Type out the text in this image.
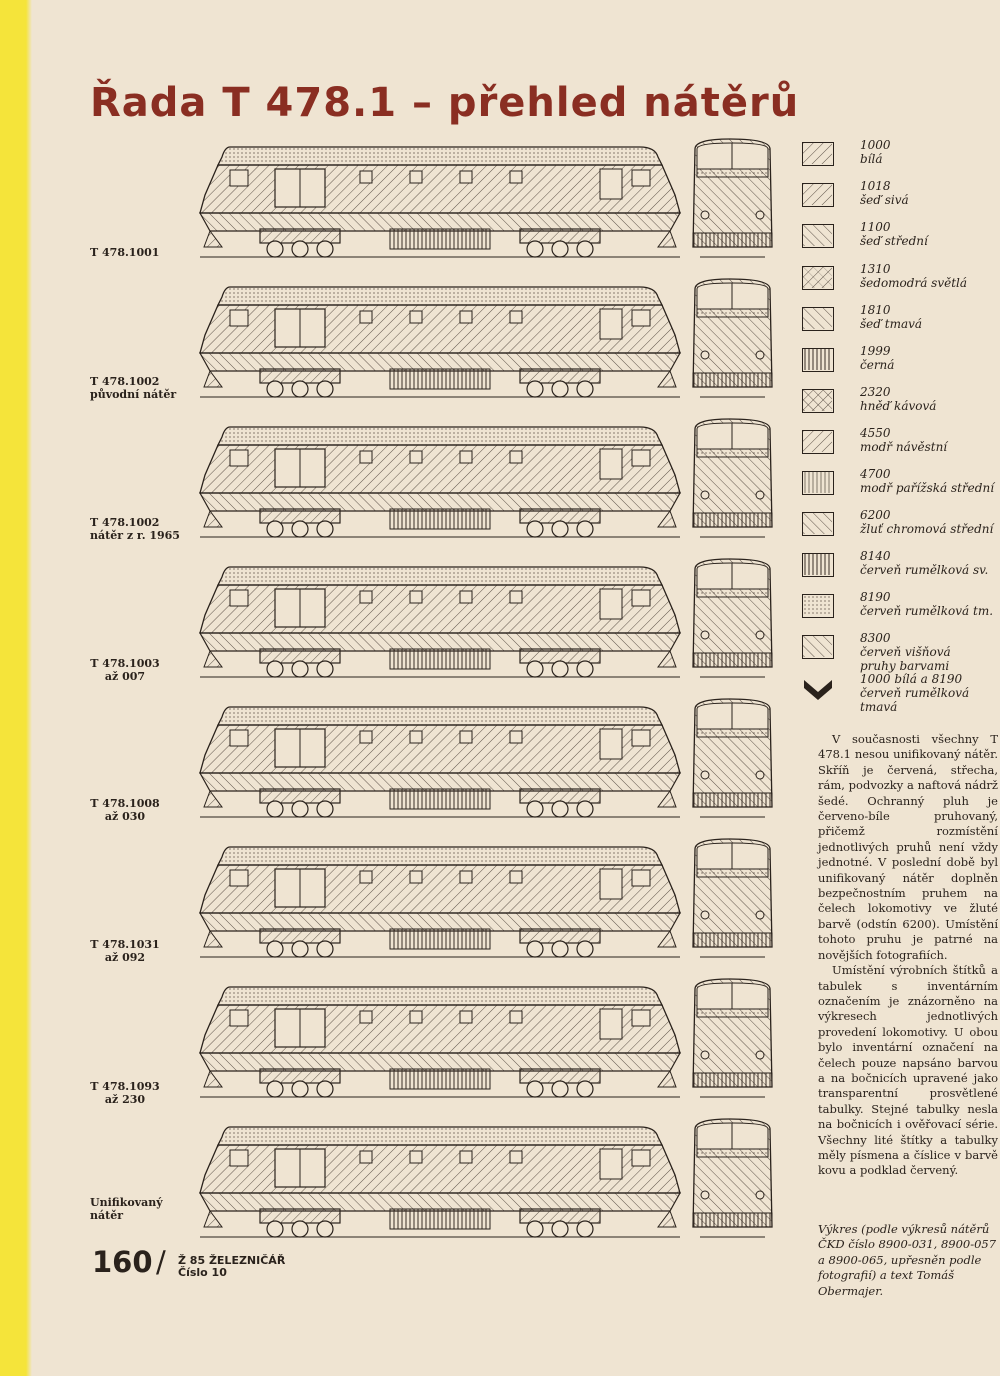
Řada T 478.1 – přehled nátěrů
T 478.1001
T 478.1002
původní nátěr
T 478.1002
nátěr z r. 1965
T 478.1003
až 007
T 478.1008
až 030
T 478.1031
až 092
T 478.1093
až 230
Unifikovaný
nátěr
1000
bílá
1018
šeď sivá
1100
šeď střední
1310
šedomodrá světlá
1810
šeď tmavá
1999
černá
2320
hněď kávová
4550
modř návěstní
4700
modř pařížská střední
6200
žluť chromová střední
8140
červeň rumělková sv.
8190
červeň rumělková tm.
8300
červeň višňová
pruhy barvami
1000 bílá a 8190
červeň rumělková
tmavá

V současnosti všechny T 478.1 nesou unifikovaný nátěr. Skříň je červená, střecha, rám, podvozky a naftová nádrž šedé. Ochranný pluh je červeno-bíle pruhovaný, přičemž rozmístění jednotlivých pruhů není vždy jednotné. V poslední době byl unifikovaný nátěr doplněn bezpečnostním pruhem na čelech lokomotivy ve žluté barvě (odstín 6200). Umístění tohoto pruhu je patrné na novějších fotografiích.

Umístění výrobních štítků a tabulek s inventárním označením je znázorněno na výkresech jednotlivých provedení lokomotivy. U obou bylo inventární označení na čelech pouze napsáno barvou a na bočnicích upravené jako transparentní prosvětlené tabulky. Stejné tabulky nesla na bočnicích i ověřovací série. Všechny lité štítky a tabulky měly písmena a číslice v barvě kovu a podklad červený.

Výkres (podle výkresů nátěrů ČKD číslo 8900-031, 8900-057 a 8900-065, upřesněn podle fotografií) a text Tomáš Obermajer.
160 / Ž 85 ŽELEZNIČÁŘ
Číslo 10
